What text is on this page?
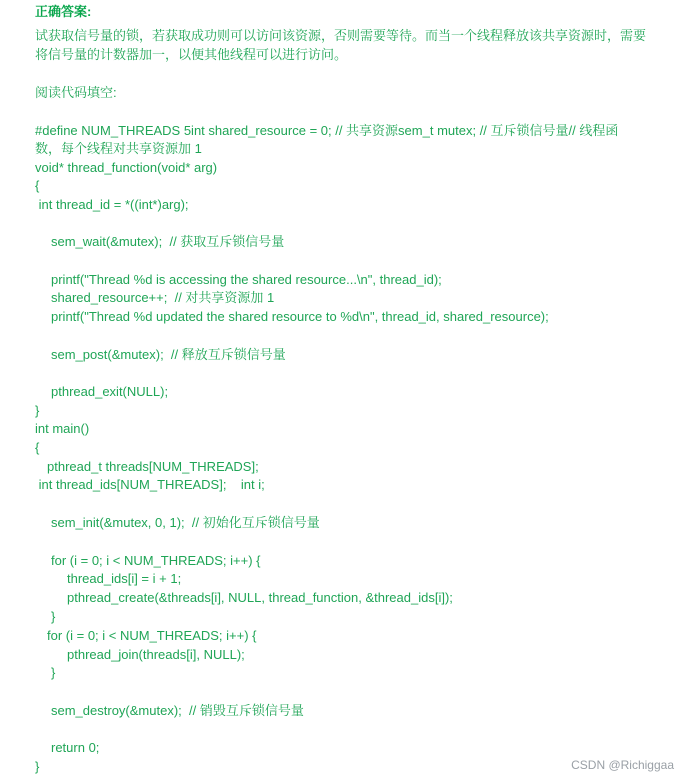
正确答案:
试获取信号量的锁，若获取成功则可以访问该资源，否则需要等待。而当一个线程释放该共享资源时，需要将信号量的计数器加一，以便其他线程可以进行访问。
阅读代码填空:
#define NUM_THREADS 5int shared_resource = 0; // 共享资源sem_t mutex; // 互斥锁信号量// 线程函数，每个线程对共享资源加 1
void* thread_function(void* arg)
{
int thread_id = *((int*)arg);
sem_wait(&mutex);  // 获取互斥锁信号量
printf("Thread %d is accessing the shared resource...\n", thread_id);
shared_resource++;  // 对共享资源加 1
printf("Thread %d updated the shared resource to %d\n", thread_id, shared_resource);
sem_post(&mutex);  // 释放互斥锁信号量
pthread_exit(NULL);
}
int main()
{
pthread_t threads[NUM_THREADS];
int thread_ids[NUM_THREADS];    int i;
sem_init(&mutex, 0, 1);  // 初始化互斥锁信号量
for (i = 0; i < NUM_THREADS; i++) {
thread_ids[i] = i + 1;
pthread_create(&threads[i], NULL, thread_function, &thread_ids[i]);
}
for (i = 0; i < NUM_THREADS; i++) {
pthread_join(threads[i], NULL);
}
sem_destroy(&mutex);  // 销毁互斥锁信号量
return 0;
}	CSDN @Richiggaa
